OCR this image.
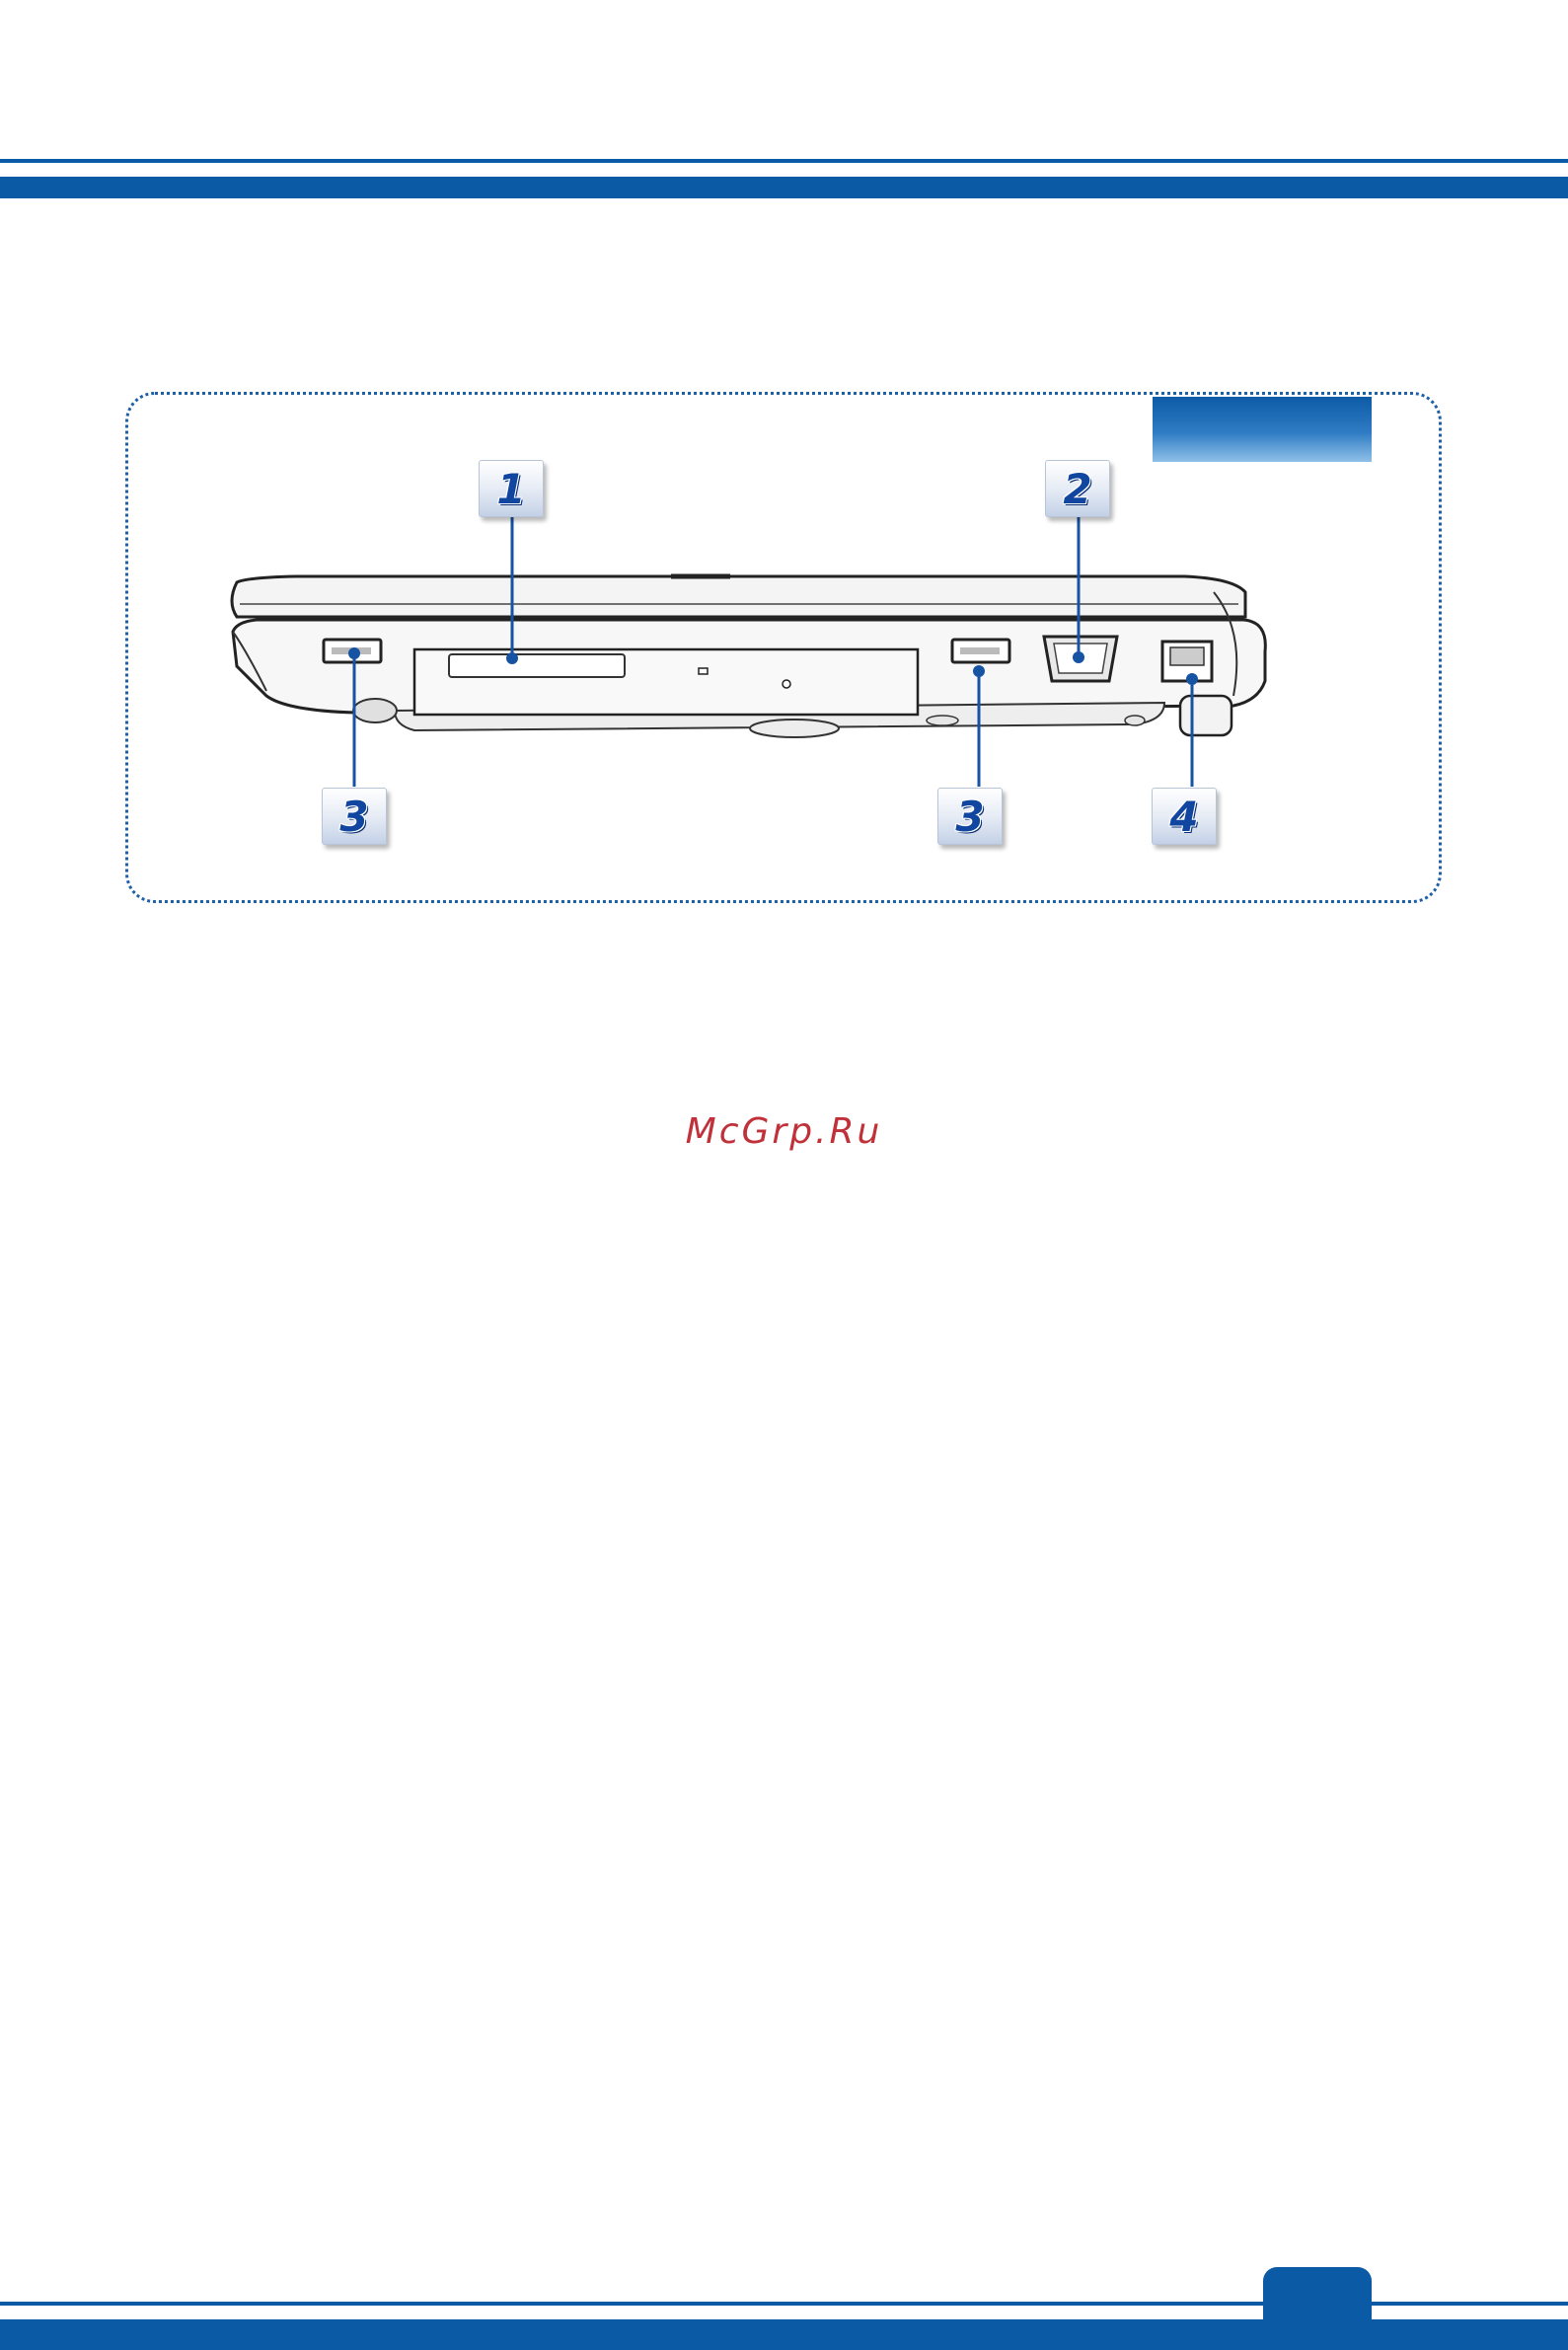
1	2
3	3	4
McGrp.Ru
